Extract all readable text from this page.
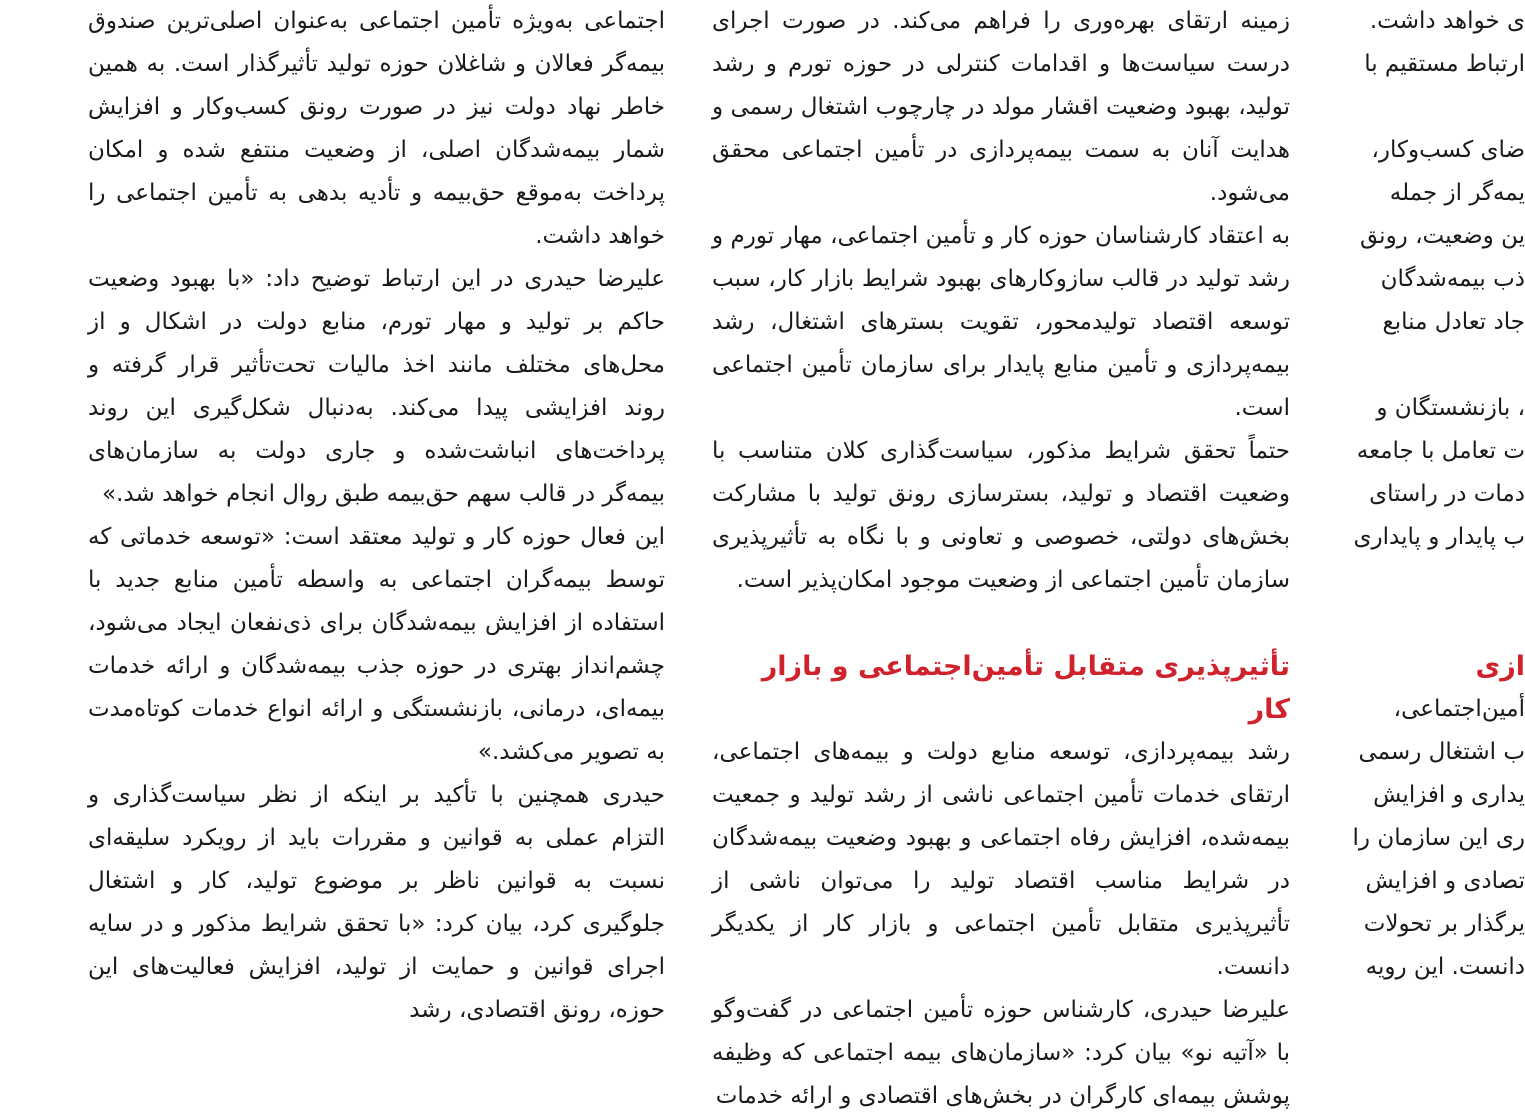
اجتماعی به‌ویژه تأمین اجتماعی به‌عنوان اصلی‌ترین صندوق بیمه‌گر فعالان و شاغلان حوزه تولید تأثیرگذار است. به همین خاطر نهاد دولت نیز در صورت رونق کسب‌وکار و افزایش شمار بیمه‌شدگان اصلی، از وضعیت منتفع شده و امکان پرداخت به‌موقع حق‌بیمه و تأدیه بدهی به تأمین اجتماعی را خواهد داشت.

علیرضا حیدری در این ارتباط توضیح داد: «با بهبود وضعیت حاکم بر تولید و مهار تورم، منابع دولت در اشکال و از محل‌های مختلف مانند اخذ مالیات تحت‌تأثیر قرار گرفته و روند افزایشی پیدا می‌کند. به‌دنبال شکل‌گیری این روند پرداخت‌های انباشت‌شده و جاری دولت به سازمان‌های بیمه‌گر در قالب سهم حق‌بیمه طبق روال انجام خواهد شد.»

این فعال حوزه کار و تولید معتقد است: «توسعه خدماتی که توسط بیمه‌گران اجتماعی به واسطه تأمین منابع جدید با استفاده از افزایش بیمه‌شدگان برای ذی‌نفعان ایجاد می‌شود، چشم‌انداز بهتری در حوزه جذب بیمه‌شدگان و ارائه خدمات بیمه‌ای، درمانی، بازنشستگی و ارائه انواع خدمات کوتاه‌مدت به تصویر می‌کشد.»

حیدری همچنین با تأکید بر اینکه از نظر سیاست‌گذاری و التزام عملی به قوانین و مقررات باید از رویکرد سلیقه‌ای نسبت به قوانین ناظر بر موضوع تولید، کار و اشتغال جلوگیری کرد، بیان کرد: «با تحقق شرایط مذکور و در سایه اجرای قوانین و حمایت از تولید، افزایش فعالیت‌های این حوزه، رونق اقتصادی، رشد

زمینه ارتقای بهره‌وری را فراهم می‌کند. در صورت اجرای درست سیاست‌ها و اقدامات کنترلی در حوزه تورم و رشد تولید، بهبود وضعیت اقشار مولد در چارچوب اشتغال رسمی و هدایت آنان به سمت بیمه‌پردازی در تأمین اجتماعی محقق می‌شود.

به اعتقاد کارشناسان حوزه کار و تأمین اجتماعی، مهار تورم و رشد تولید در قالب سازوکارهای بهبود شرایط بازار کار، سبب توسعه اقتصاد تولیدمحور، تقویت بسترهای اشتغال، رشد بیمه‌پردازی و تأمین منابع پایدار برای سازمان تأمین اجتماعی است.

حتماً تحقق شرایط مذکور، سیاست‌گذاری کلان متناسب با وضعیت اقتصاد و تولید، بسترسازی رونق تولید با مشارکت بخش‌های دولتی، خصوصی و تعاونی و با نگاه به تأثیرپذیری سازمان تأمین اجتماعی از وضعیت موجود امکان‌پذیر است.

تأثیرپذیری متقابل تأمین‌اجتماعی و بازار کار

رشد بیمه‌پردازی، توسعه منابع دولت و بیمه‌های اجتماعی، ارتقای خدمات تأمین اجتماعی ناشی از رشد تولید و جمعیت بیمه‌شده، افزایش رفاه اجتماعی و بهبود وضعیت بیمه‌شدگان در شرایط مناسب اقتصاد تولید را می‌توان ناشی از تأثیرپذیری متقابل تأمین اجتماعی و بازار کار از یکدیگر دانست.

علیرضا حیدری، کارشناس حوزه تأمین اجتماعی در گفت‌وگو با «آتیه نو» بیان کرد: «سازمان‌های بیمه اجتماعی که وظیفه پوشش بیمه‌ای کارگران در بخش‌های اقتصادی و ارائه خدمات

ی خواهد داشت.
ارتباط مستقیم با
ضای کسب‌وکار،
یمه‌گر از جمله
ین وضعیت، رونق
ذب بیمه‌شدگان
جاد تعادل منابع
، بازنشستگان و
ت تعامل با جامعه
دمات در راستای
ب پایدار و پایداری
ازی
أمین‌اجتماعی،
ب اشتغال رسمی
یداری و افزایش
ری این سازمان را
تصادی و افزایش
یرگذار بر تحولات
دانست. این رویه
